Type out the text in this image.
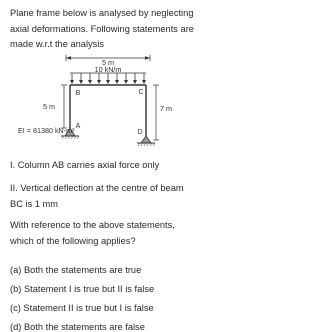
Plane frame below is analysed by neglecting axial deformations. Following statements are made w.r.t the analysis
5 m
10 kN/m
5 m	7 m
B	C
A
D
EI = 81380 kN-m²
I. Column AB carries axial force only
II. Vertical deflection at the centre of beam BC is 1 mm
With reference to the above statements, which of the following applies?
(a) Both the statements are true
(b) Statement I is true but II is false
(c) Statement II is true but I is false
(d) Both the statements are false
